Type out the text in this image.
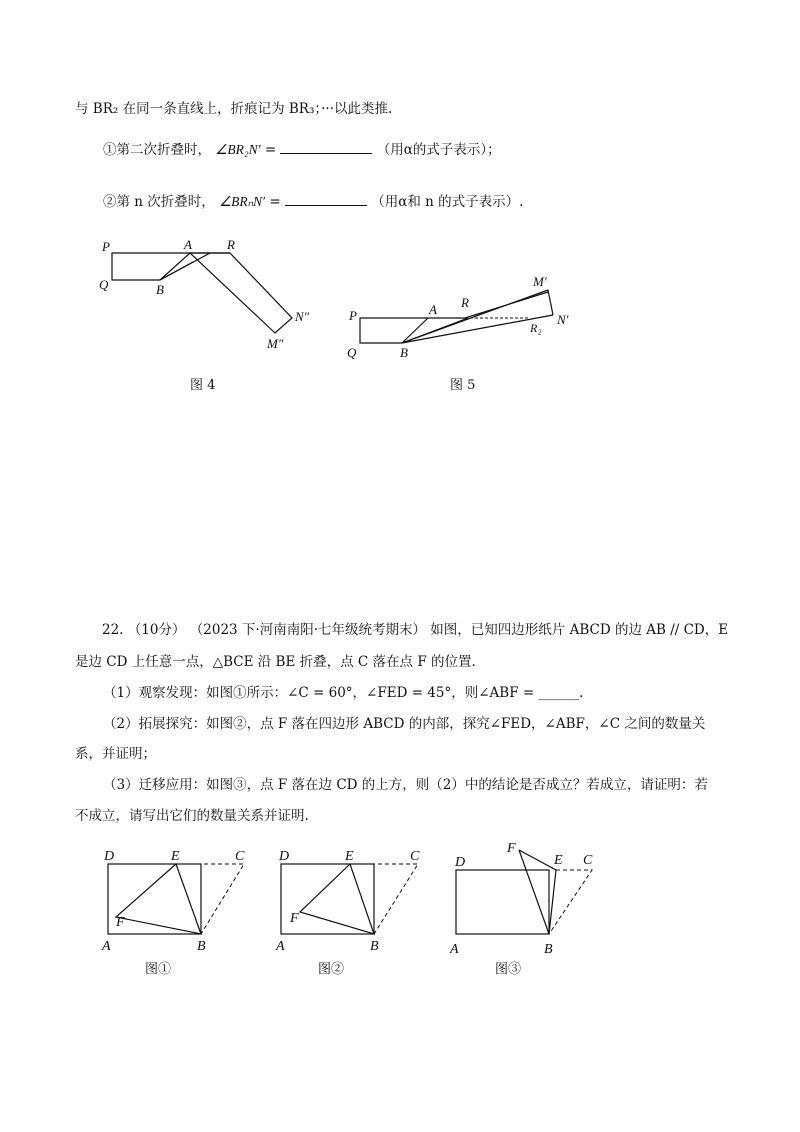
与 BR₂ 在同一条直线上，折痕记为 BR₃；···以此类推.
①第二次折叠时， ∠BR₂N′ =	（用α的式子表示）；
②第 n 次折叠时， ∠BRₙN′ =	（用α和 n 的式子表示）.
P
Q
A
B
R
N″
M″
P
Q
A
B
R
R₂
M′
N′
图 4	图 5
22. （10分） （2023 下·河南南阳·七年级统考期末） 如图，已知四边形纸片 ABCD 的边 AB // CD，E
是边 CD 上任意一点，△BCE 沿 BE 折叠，点 C 落在点 F 的位置.
（1）观察发现：如图①所示：∠C = 60°，∠FED = 45°，则∠ABF = ______.
（2）拓展探究：如图②，点 F 落在四边形 ABCD 的内部，探究∠FED，∠ABF，∠C 之间的数量关
系，并证明；
（3）迁移应用：如图③，点 F 落在边 CD 的上方，则（2）中的结论是否成立？若成立，请证明：若
不成立，请写出它们的数量关系并证明.
D	E	C
F
A	B
D	E	C
F
A	B
D	E C
F
A	B
图①	图②	图③
